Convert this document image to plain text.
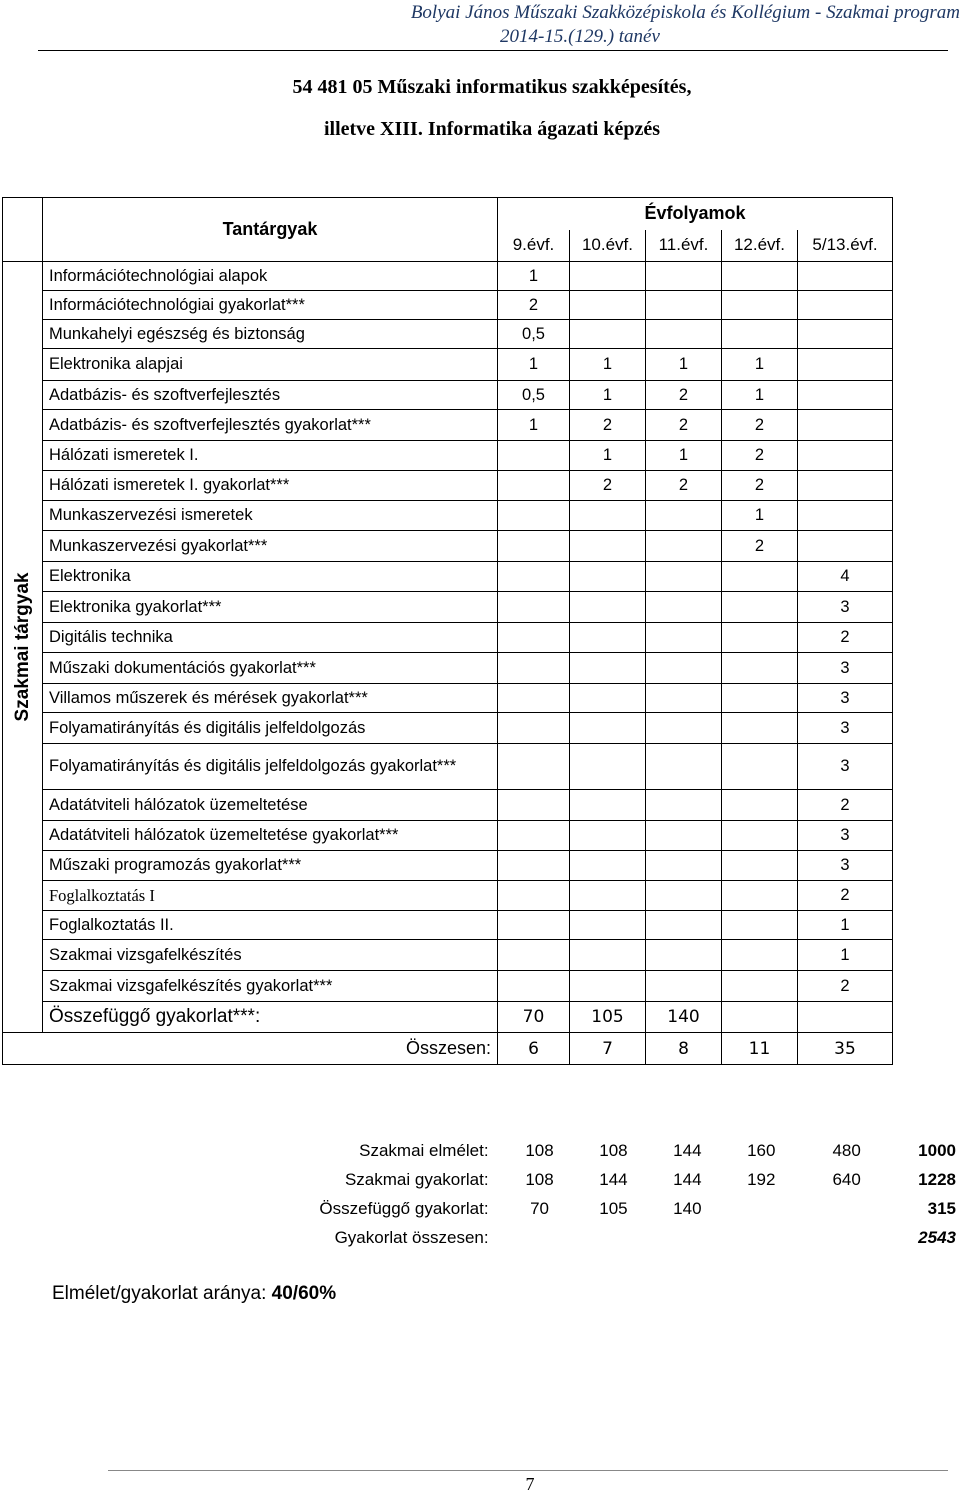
Bolyai János Műszaki Szakközépiskola és Kollégium - Szakmai program
2014-15.(129.) tanév
54 481 05 Műszaki informatikus szakképesítés,
illetve XIII. Informatika ágazati képzés
	Tantárgyak	Évfolyamok				
		9.évf.	10.évf.	11.évf.	12.évf.	5/13.évf.

Szakmai tárgyak	Információtechnológiai alapok	1				
	Információtechnológiai gyakorlat***	2				
	Munkahelyi egészség és biztonság	0,5				
	Elektronika alapjai	1	1	1	1	
	Adatbázis- és szoftverfejlesztés	0,5	1	2	1	
	Adatbázis- és szoftverfejlesztés gyakorlat***	1	2	2	2	
	Hálózati ismeretek I.		1	1	2	
	Hálózati ismeretek I. gyakorlat***		2	2	2	
	Munkaszervezési ismeretek				1	
	Munkaszervezési gyakorlat***				2	
	Elektronika					4
	Elektronika gyakorlat***					3
	Digitális technika					2
	Műszaki dokumentációs gyakorlat***					3
	Villamos műszerek és mérések gyakorlat***					3
	Folyamatirányítás és digitális jelfeldolgozás					3
	Folyamatirányítás és digitális jelfeldolgozás gyakorlat***					3
	Adatátviteli hálózatok üzemeltetése					2
	Adatátviteli hálózatok üzemeltetése gyakorlat***					3
	Műszaki programozás gyakorlat***					3
	Foglalkoztatás I					2
	Foglalkoztatás II.					1
	Szakmai vizsgafelkészítés					1
	Szakmai vizsgafelkészítés gyakorlat***					2
	Összefüggő gyakorlat***:	70	105	140		
Összesen:		6	7	8	11	35
Szakmai elmélet:	108	108	144	160	480	1000
Szakmai gyakorlat:	108	144	144	192	640	1228
Összefüggő gyakorlat:	70	105	140			315
Gyakorlat összesen:						2543
Elmélet/gyakorlat aránya: 40/60%
7
